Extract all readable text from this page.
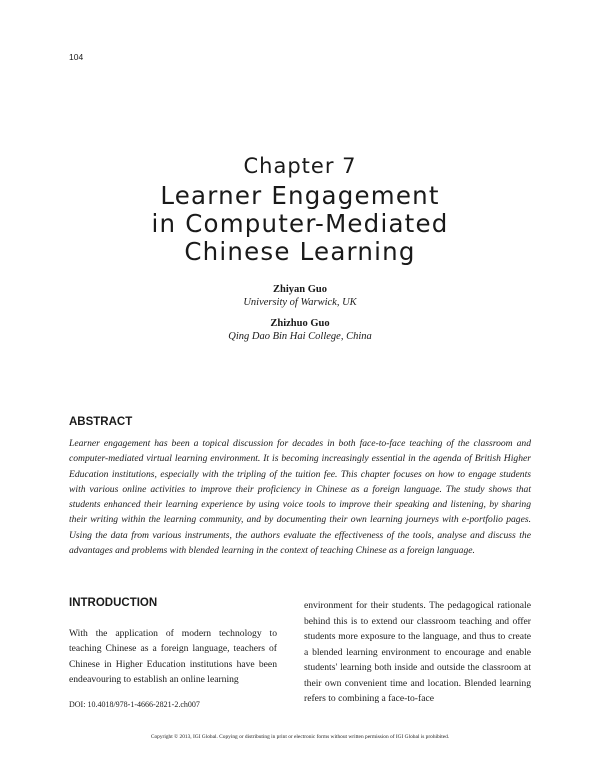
104
Chapter 7
Learner Engagement
in Computer-Mediated
Chinese Learning
Zhiyan Guo
University of Warwick, UK
Zhizhuo Guo
Qing Dao Bin Hai College, China
ABSTRACT
Learner engagement has been a topical discussion for decades in both face-to-face teaching of the classroom and computer-mediated virtual learning environment. It is becoming increasingly essential in the agenda of British Higher Education institutions, especially with the tripling of the tuition fee. This chapter focuses on how to engage students with various online activities to improve their proficiency in Chinese as a foreign language. The study shows that students enhanced their learning experience by using voice tools to improve their speaking and listening, by sharing their writing within the learning community, and by documenting their own learning journeys with e-portfolio pages. Using the data from various instruments, the authors evaluate the effectiveness of the tools, analyse and discuss the advantages and problems with blended learning in the context of teaching Chinese as a foreign language.
INTRODUCTION
With the application of modern technology to teaching Chinese as a foreign language, teachers of Chinese in Higher Education institutions have been endeavouring to establish an online learning
environment for their students. The pedagogical rationale behind this is to extend our classroom teaching and offer students more exposure to the language, and thus to create a blended learning environment to encourage and enable students' learning both inside and outside the classroom at their own convenient time and location. Blended learning refers to combining a face-to-face
DOI: 10.4018/978-1-4666-2821-2.ch007
Copyright © 2013, IGI Global. Copying or distributing in print or electronic forms without written permission of IGI Global is prohibited.
